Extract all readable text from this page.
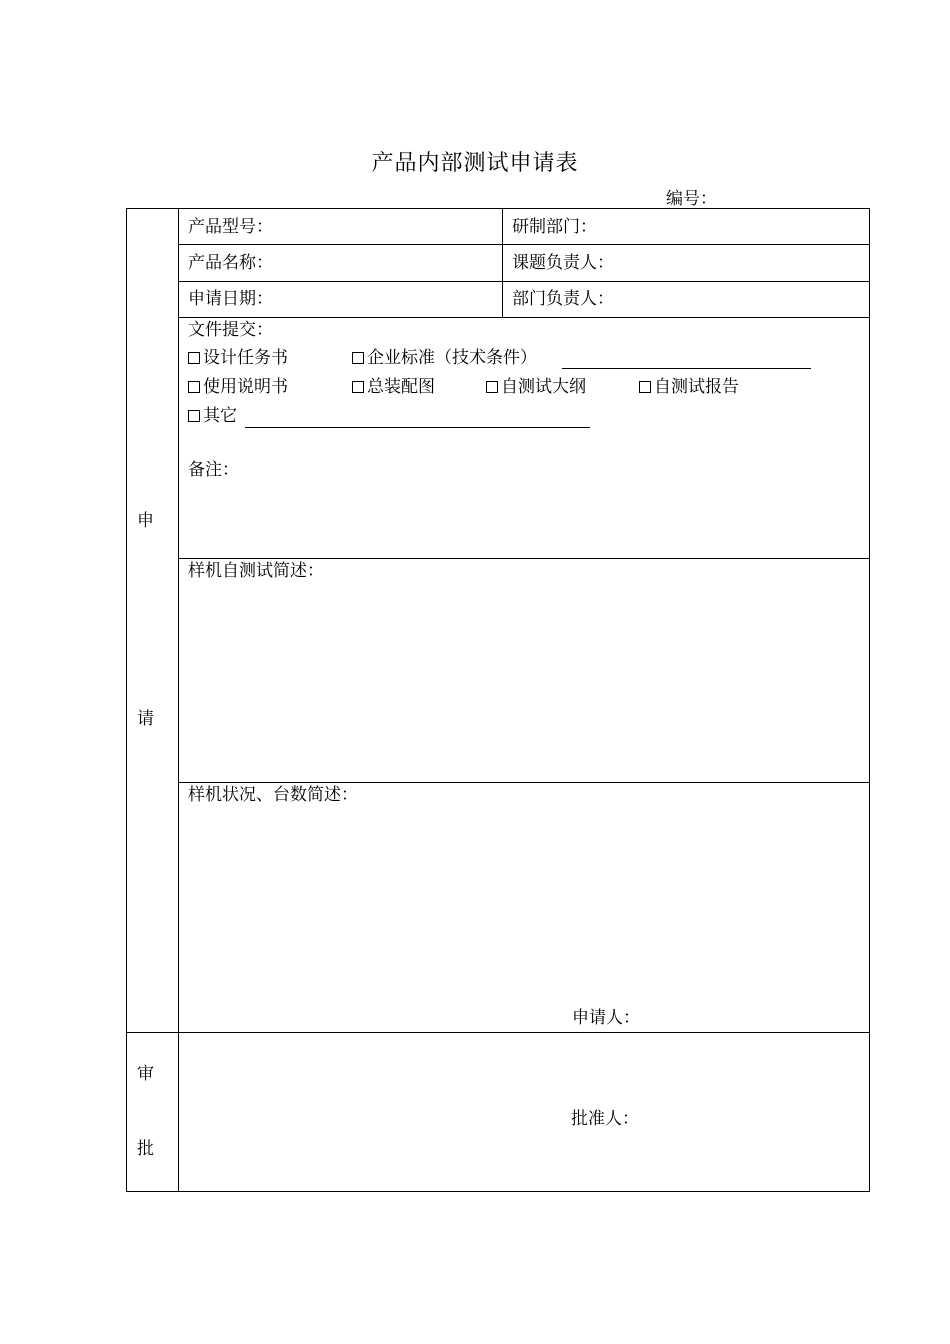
产品内部测试申请表
编号：
申
请
审
批
产品型号：	研制部门：
产品名称：	课题负责人：
申请日期：	部门负责人：
文件提交：
设计任务书	企业标准（技术条件）
使用说明书	总装配图	自测试大纲	自测试报告
其它
备注：
样机自测试简述：
样机状况、台数简述：
申请人：
批准人：
